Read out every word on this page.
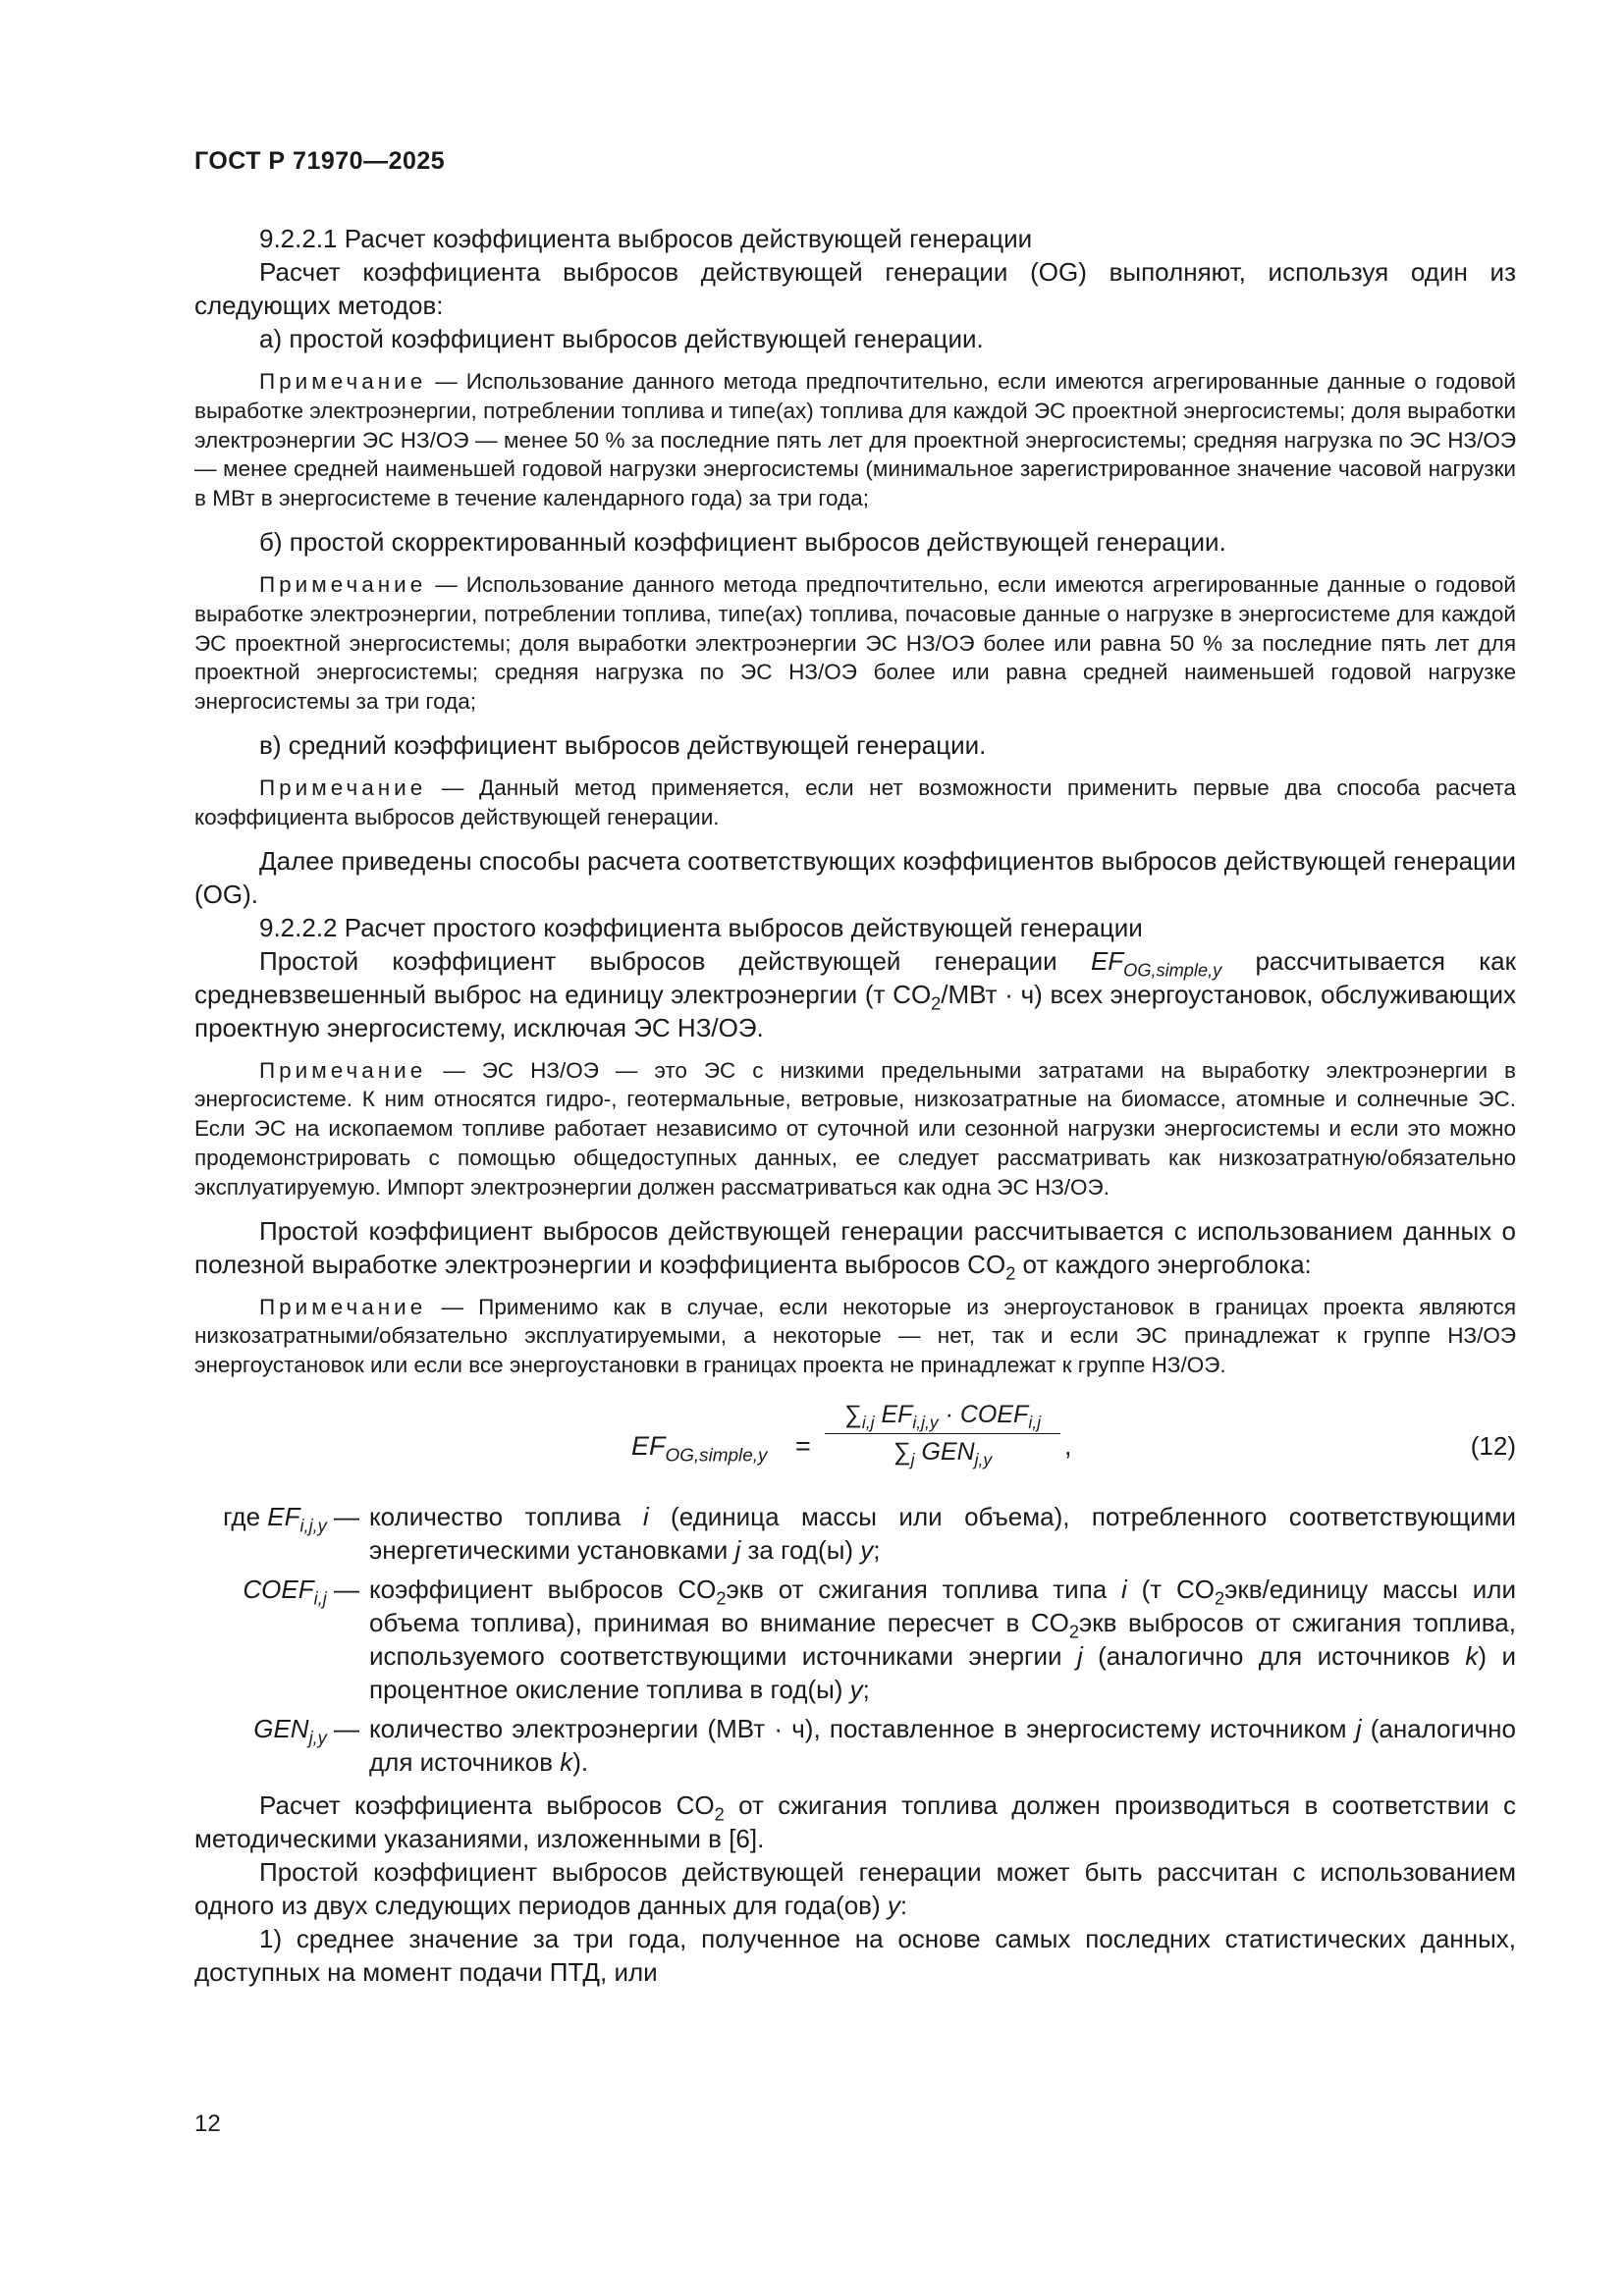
ГОСТ Р 71970—2025

9.2.2.1 Расчет коэффициента выбросов действующей генерации

Расчет коэффициента выбросов действующей генерации (OG) выполняют, используя один из следующих методов:

а) простой коэффициент выбросов действующей генерации.

Примечание — Использование данного метода предпочтительно, если имеются агрегированные данные о годовой выработке электроэнергии, потреблении топлива и типе(ах) топлива для каждой ЭС проектной энергосистемы; доля выработки электроэнергии ЭС НЗ/ОЭ — менее 50 % за последние пять лет для проектной энергосистемы; средняя нагрузка по ЭС НЗ/ОЭ — менее средней наименьшей годовой нагрузки энергосистемы (минимальное зарегистрированное значение часовой нагрузки в МВт в энергосистеме в течение календарного года) за три года;

б) простой скорректированный коэффициент выбросов действующей генерации.

Примечание — Использование данного метода предпочтительно, если имеются агрегированные данные о годовой выработке электроэнергии, потреблении топлива, типе(ах) топлива, почасовые данные о нагрузке в энергосистеме для каждой ЭС проектной энергосистемы; доля выработки электроэнергии ЭС НЗ/ОЭ более или равна 50 % за последние пять лет для проектной энергосистемы; средняя нагрузка по ЭС НЗ/ОЭ более или равна средней наименьшей годовой нагрузке энергосистемы за три года;

в) средний коэффициент выбросов действующей генерации.

Примечание — Данный метод применяется, если нет возможности применить первые два способа расчета коэффициента выбросов действующей генерации.

Далее приведены способы расчета соответствующих коэффициентов выбросов действующей генерации (OG).

9.2.2.2 Расчет простого коэффициента выбросов действующей генерации

Простой коэффициент выбросов действующей генерации $EF_{OG,simple,y}$ рассчитывается как средневзвешенный выброс на единицу электроэнергии (т $CO_2$/МВт · ч) всех энергоустановок, обслуживающих проектную энергосистему, исключая ЭС НЗ/ОЭ.

Примечание — ЭС НЗ/ОЭ — это ЭС с низкими предельными затратами на выработку электроэнергии в энергосистеме. К ним относятся гидро-, геотермальные, ветровые, низкозатратные на биомассе, атомные и солнечные ЭС. Если ЭС на ископаемом топливе работает независимо от суточной или сезонной нагрузки энергосистемы и если это можно продемонстрировать с помощью общедоступных данных, ее следует рассматривать как низкозатратную/обязательно эксплуатируемую. Импорт электроэнергии должен рассматриваться как одна ЭС НЗ/ОЭ.

Простой коэффициент выбросов действующей генерации рассчитывается с использованием данных о полезной выработке электроэнергии и коэффициента выбросов $CO_2$ от каждого энергоблока:

Примечание — Применимо как в случае, если некоторые из энергоустановок в границах проекта являются низкозатратными/обязательно эксплуатируемыми, а некоторые — нет, так и если ЭС принадлежат к группе НЗ/ОЭ энергоустановок или если все энергоустановки в границах проекта не принадлежат к группе НЗ/ОЭ.

$EF_{OG,simple,y}$ =
$\sum_{i,j}$ $EF_{i,j,y}$ · $COEF_{i,j}$
$\sum_j$ $GEN_{j,y}$	,	(12)
где $EF_{i,j,y}$ — количество топлива i (единица массы или объема), потребленного соответствующими энергетическими установками j за год(ы) y;
$COEF_{i,j}$ — коэффициент выбросов $CO_2экв$ от сжигания топлива типа i (т $CO_2экв$/единицу массы или объема топлива), принимая во внимание пересчет в $CO_2экв$ выбросов от сжигания топлива, используемого соответствующими источниками энергии j (аналогично для источников k) и процентное окисление топлива в год(ы) y;
$GEN_{j,y}$ — количество электроэнергии (МВт · ч), поставленное в энергосистему источником j (аналогично для источников k).

Расчет коэффициента выбросов $CO_2$ от сжигания топлива должен производиться в соответствии с методическими указаниями, изложенными в [6].

Простой коэффициент выбросов действующей генерации может быть рассчитан с использованием одного из двух следующих периодов данных для года(ов) y:

1) среднее значение за три года, полученное на основе самых последних статистических данных, доступных на момент подачи ПТД, или

12
